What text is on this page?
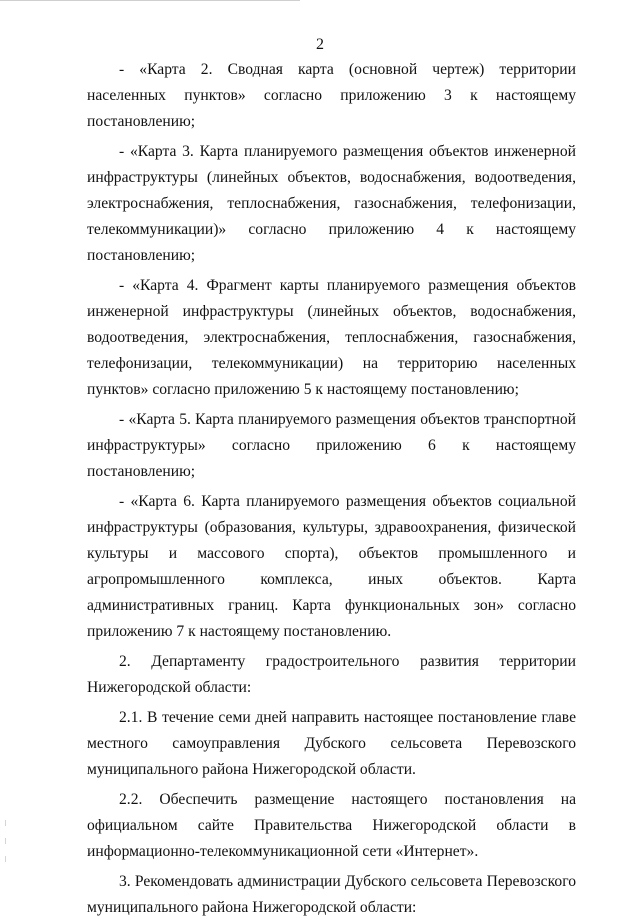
2

- «Карта 2. Сводная карта (основной чертеж) территории населенных пунктов» согласно приложению 3 к настоящему постановлению;

- «Карта 3. Карта планируемого размещения объектов инженерной инфраструктуры (линейных объектов, водоснабжения, водоотведения, электроснабжения, теплоснабжения, газоснабжения, телефонизации, телекоммуникации)» согласно приложению 4 к настоящему постановлению;

- «Карта 4. Фрагмент карты планируемого размещения объектов инженерной инфраструктуры (линейных объектов, водоснабжения, водоотведения, электроснабжения, теплоснабжения, газоснабжения, телефонизации, телекоммуникации) на территорию населенных пунктов» согласно приложению 5 к настоящему постановлению;

- «Карта 5. Карта планируемого размещения объектов транспортной инфраструктуры» согласно приложению 6 к настоящему постановлению;

- «Карта 6. Карта планируемого размещения объектов социальной инфраструктуры (образования, культуры, здравоохранения, физической культуры и массового спорта), объектов промышленного и агропромышленного комплекса, иных объектов. Карта административных границ. Карта функциональных зон» согласно приложению 7 к настоящему постановлению.

2. Департаменту градостроительного развития территории Нижегородской области:

2.1. В течение семи дней направить настоящее постановление главе местного самоуправления Дубского сельсовета Перевозского муниципального района Нижегородской области.

2.2. Обеспечить размещение настоящего постановления на официальном сайте Правительства Нижегородской области в информационно-телекоммуникационной сети «Интернет».

3. Рекомендовать администрации Дубского сельсовета Перевозского муниципального района Нижегородской области:
